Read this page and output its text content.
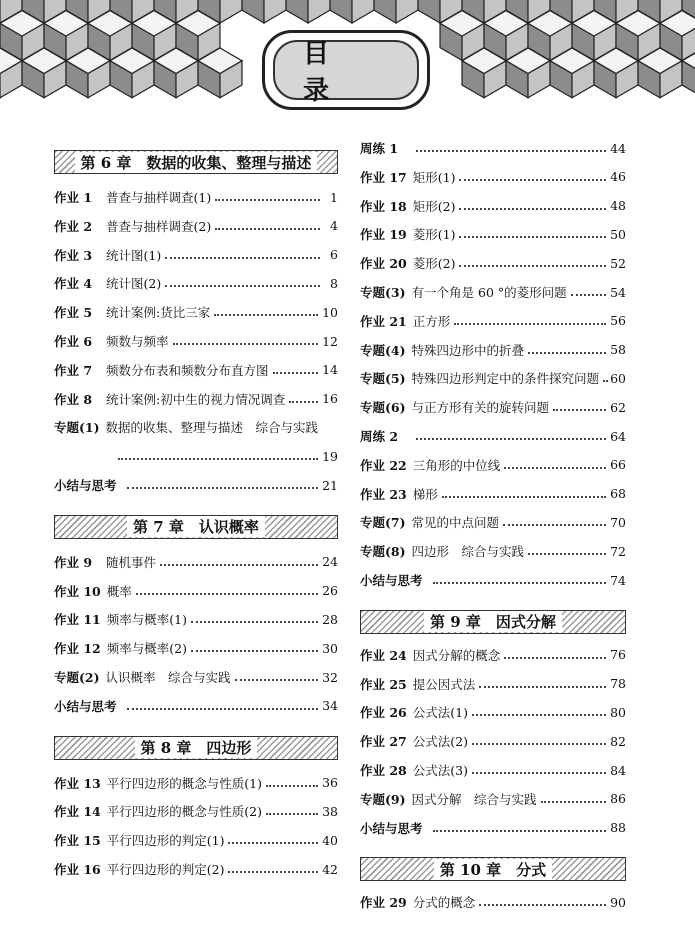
目　录
第 6 章　数据的收集、整理与描述
作业 1	普查与抽样调查(1)	1
作业 2	普查与抽样调查(2)	4
作业 3	统计图(1)	6
作业 4	统计图(2)	8
作业 5	统计案例:货比三家	10
作业 6	频数与频率	12
作业 7	频数分布表和频数分布直方图	14
作业 8	统计案例:初中生的视力情况调查	16
专题(1) 数据的收集、整理与描述　综合与实践
19
小结与思考	21
第 7 章　认识概率
作业 9	随机事件	24
作业 10 概率	26
作业 11 频率与概率(1)	28
作业 12 频率与概率(2)	30
专题(2) 认识概率　综合与实践	32
小结与思考	34
第 8 章　四边形
作业 13 平行四边形的概念与性质(1)	36
作业 14 平行四边形的概念与性质(2)	38
作业 15 平行四边形的判定(1)	40
作业 16 平行四边形的判定(2)	42
周练 1	44
作业 17 矩形(1)	46
作业 18 矩形(2)	48
作业 19 菱形(1)	50
作业 20 菱形(2)	52
专题(3) 有一个角是 60 °的菱形问题	54
作业 21 正方形	56
专题(4) 特殊四边形中的折叠	58
专题(5) 特殊四边形判定中的条件探究问题 60
专题(6) 与正方形有关的旋转问题	62
周练 2	64
作业 22 三角形的中位线	66
作业 23 梯形	68
专题(7) 常见的中点问题	70
专题(8) 四边形　综合与实践	72
小结与思考	74
第 9 章　因式分解
作业 24 因式分解的概念	76
作业 25 提公因式法	78
作业 26 公式法(1)	80
作业 27 公式法(2)	82
作业 28 公式法(3)	84
专题(9) 因式分解　综合与实践	86
小结与思考	88
第 10 章　分式
作业 29 分式的概念	90
